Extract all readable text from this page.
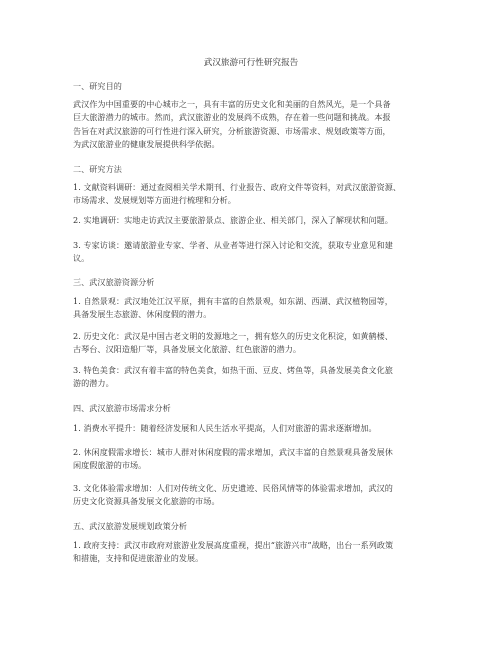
武汉旅游可行性研究报告
一、研究目的
武汉作为中国重要的中心城市之一，具有丰富的历史文化和美丽的自然风光，是一个具备
巨大旅游潜力的城市。然而，武汉旅游业的发展尚不成熟，存在着一些问题和挑战。本报
告旨在对武汉旅游的可行性进行深入研究，分析旅游资源、市场需求、规划政策等方面，
为武汉旅游业的健康发展提供科学依据。
二、研究方法
1. 文献资料调研：通过查阅相关学术期刊、行业报告、政府文件等资料，对武汉旅游资源、
市场需求、发展规划等方面进行梳理和分析。
2. 实地调研：实地走访武汉主要旅游景点、旅游企业、相关部门，深入了解现状和问题。
3. 专家访谈：邀请旅游业专家、学者、从业者等进行深入讨论和交流，获取专业意见和建
议。
三、武汉旅游资源分析
1. 自然景观：武汉地处江汉平原，拥有丰富的自然景观，如东湖、西湖、武汉植物园等，
具备发展生态旅游、休闲度假的潜力。
2. 历史文化：武汉是中国古老文明的发源地之一，拥有悠久的历史文化积淀，如黄鹤楼、
古琴台、汉阳造船厂等，具备发展文化旅游、红色旅游的潜力。
3. 特色美食：武汉有着丰富的特色美食，如热干面、豆皮、烤鱼等，具备发展美食文化旅
游的潜力。
四、武汉旅游市场需求分析
1. 消费水平提升：随着经济发展和人民生活水平提高，人们对旅游的需求逐渐增加。
2. 休闲度假需求增长：城市人群对休闲度假的需求增加，武汉丰富的自然景观具备发展休
闲度假旅游的市场。
3. 文化体验需求增加：人们对传统文化、历史遗迹、民俗风情等的体验需求增加，武汉的
历史文化资源具备发展文化旅游的市场。
五、武汉旅游发展规划政策分析
1. 政府支持：武汉市政府对旅游业发展高度重视，提出“旅游兴市”战略，出台一系列政策
和措施，支持和促进旅游业的发展。
